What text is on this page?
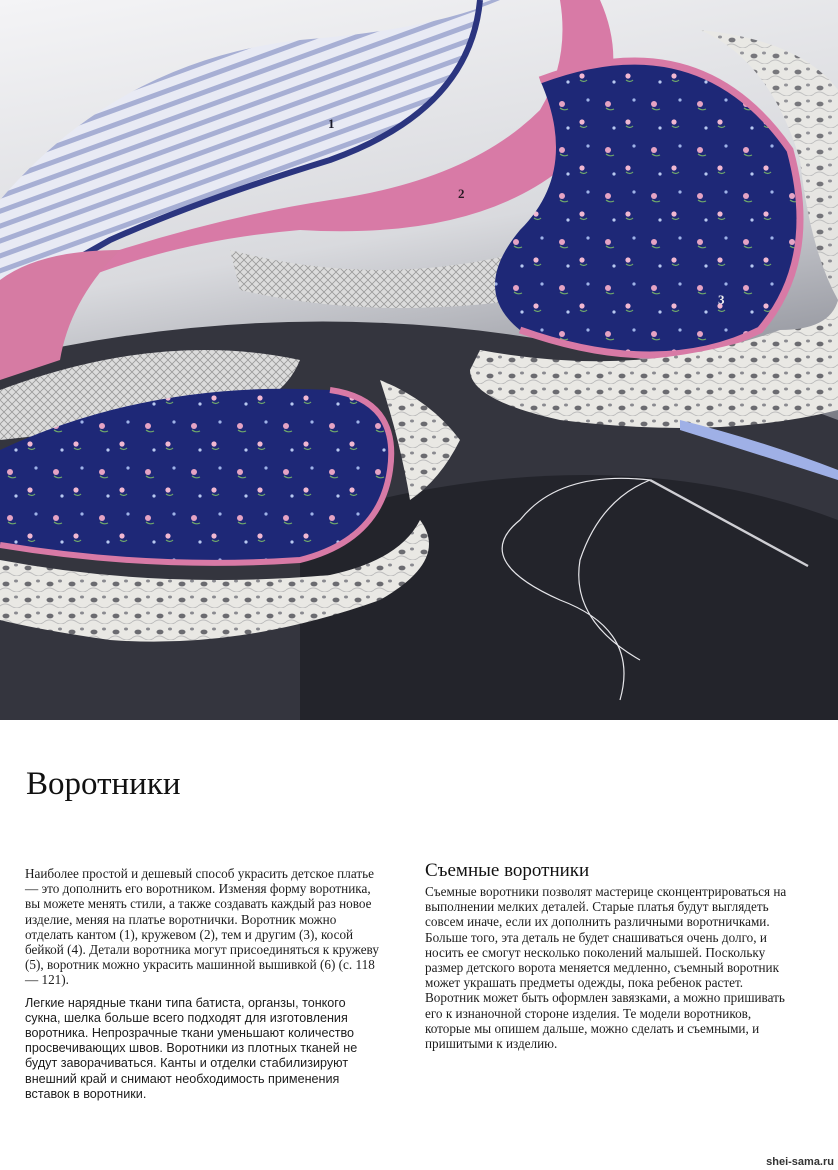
1
2
3
Воротники

Наиболее простой и дешевый способ украсить детское платье — это дополнить его воротником. Изменяя форму воротника, вы можете менять стили, а также создавать каждый раз новое изделие, меняя на платье воротнички. Воротник можно отделать кантом (1), кружевом (2), тем и другим (3), косой бейкой (4). Детали воротника могут присоединяться к кружеву (5), воротник можно украсить машинной вышивкой (6) (с. 118 — 121).

Легкие нарядные ткани типа батиста, органзы, тонкого сукна, шелка больше всего подходят для изготовления воротника. Непрозрачные ткани уменьшают количество просвечивающих швов. Воротники из плотных тканей не будут заворачиваться. Канты и отделки стабилизируют внешний край и снимают необходимость применения вставок в воротники.

Съемные воротники

Съемные воротники позволят мастерице сконцентрироваться на выполнении мелких деталей. Старые платья будут выглядеть совсем иначе, если их дополнить различными воротничками. Больше того, эта деталь не будет снашиваться очень долго, и носить ее смогут несколько поколений малышей. Поскольку размер детского ворота меняется медленно, съемный воротник может украшать предметы одежды, пока ребенок растет. Воротник может быть оформлен завязками, а можно пришивать его к изнаночной стороне изделия. Те модели воротников, которые мы опишем дальше, можно сделать и съемными, и пришитыми к изделию.

shei-sama.ru
